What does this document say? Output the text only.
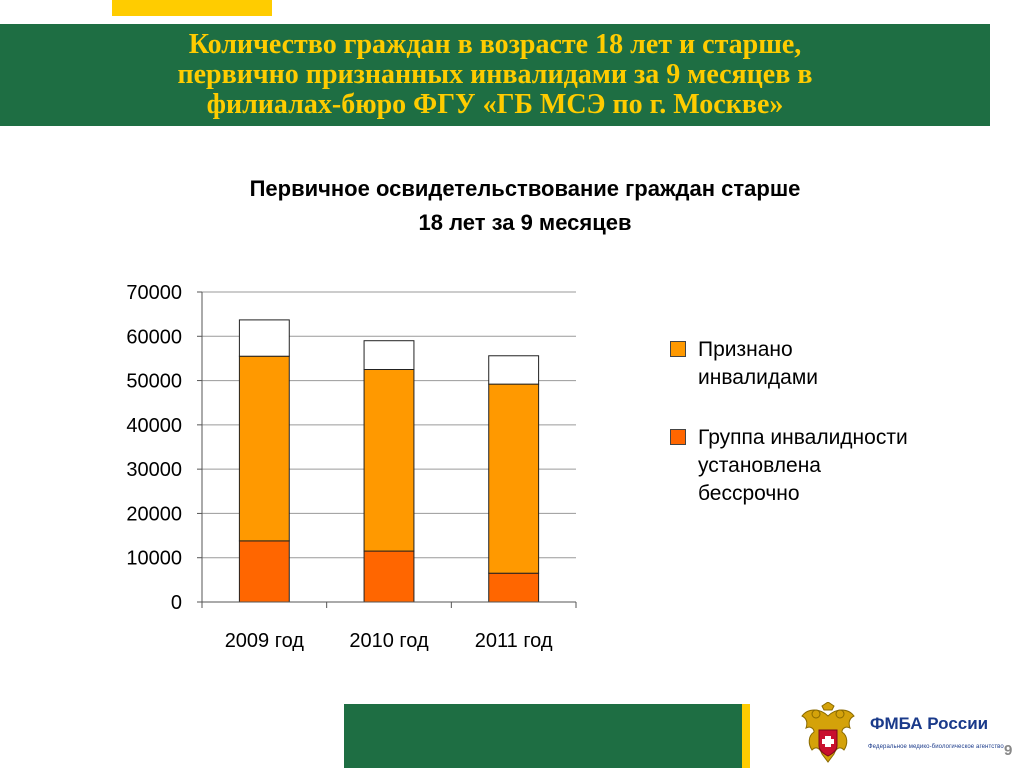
Количество граждан в возрасте 18 лет и старше,
первично признанных инвалидами за 9 месяцев в
филиалах-бюро ФГУ «ГБ МСЭ по г. Москве»
Первичное освидетельствование граждан старше
18 лет за 9 месяцев
0
10000
20000
30000
40000
50000
60000
70000
2009 год 2010 год 2011 год
Признано
инвалидами
Группа инвалидности
установлена
бессрочно
ФМБА России
Федеральное медико-биологическое агентство 9
